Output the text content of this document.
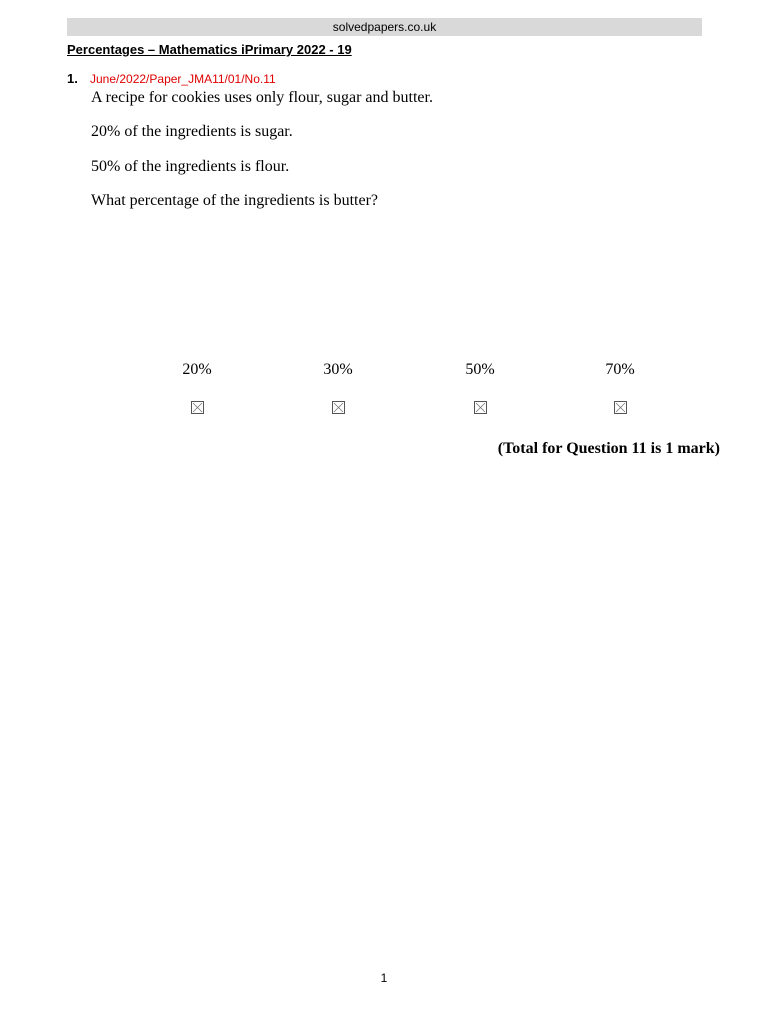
solvedpapers.co.uk
Percentages – Mathematics iPrimary 2022 - 19
1. June/2022/Paper_JMA11/01/No.11
A recipe for cookies uses only flour, sugar and butter.
20% of the ingredients is sugar.
50% of the ingredients is flour.
What percentage of the ingredients is butter?
20%	30%	50%	70%
(Total for Question 11 is 1 mark)
1
